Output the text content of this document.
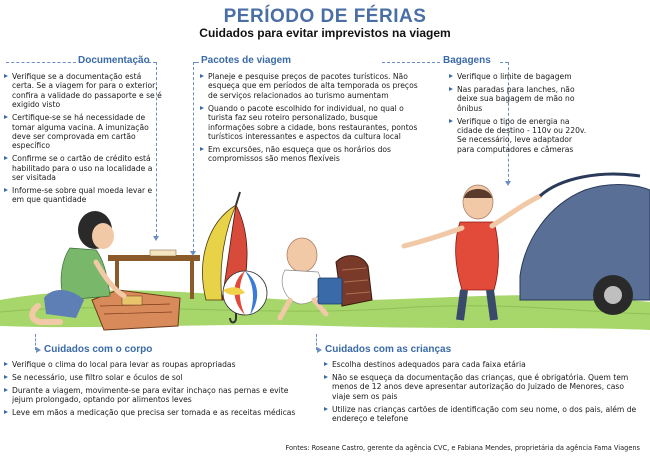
PERÍODO DE FÉRIAS
Cuidados para evitar imprevistos na viagem
Documentação
Verifique se a documentação está certa. Se a viagem for para o exterior, confira a validade do passaporte e se é exigido visto
Certifique-se se há necessidade de tomar alguma vacina. A imunização deve ser comprovada em cartão específico
Confirme se o cartão de crédito está habilitado para o uso na localidade a ser visitada
Informe-se sobre qual moeda levar e em que quantidade
Pacotes de viagem
Planeje e pesquise preços de pacotes turísticos. Não esqueça que em períodos de alta temporada os preços de serviços relacionados ao turismo aumentam
Quando o pacote escolhido for individual, no qual o turista faz seu roteiro personalizado, busque informações sobre a cidade, bons restaurantes, pontos turísticos interessantes e aspectos da cultura local
Em excursões, não esqueça que os horários dos compromissos são menos flexíveis
Bagagens
Verifique o limite de bagagem
Nas paradas para lanches, não deixe sua bagagem de mão no ônibus
Verifique o tipo de energia na cidade de destino - 110v ou 220v. Se necessário, leve adaptador para computadores e câmeras
Cuidados com o corpo
Verifique o clima do local para levar as roupas apropriadas
Se necessário, use filtro solar e óculos de sol
Durante a viagem, movimente-se para evitar inchaço nas pernas e evite jejum prolongado, optando por alimentos leves
Leve em mãos a medicação que precisa ser tomada e as receitas médicas
Cuidados com as crianças
Escolha destinos adequados para cada faixa etária
Não se esqueça da documentação das crianças, que é obrigatória. Quem tem menos de 12 anos deve apresentar autorização do Juizado de Menores, caso viaje sem os pais
Utilize nas crianças cartões de identificação com seu nome, o dos pais, além de endereço e telefone
Fontes: Roseane Castro, gerente da agência CVC, e Fabiana Mendes, proprietária da agência Fama Viagens
